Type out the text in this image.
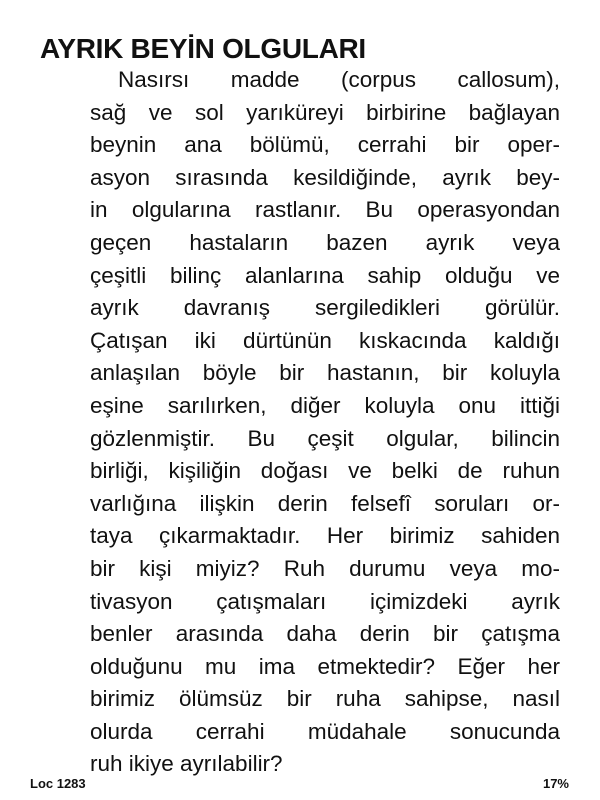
AYRIK BEYİN OLGULARI
Nasırsı madde (corpus callosum),
sağ ve sol yarıküreyi birbirine bağlayan
beynin ana bölümü, cerrahi bir oper-
asyon sırasında kesildiğinde, ayrık bey-
in olgularına rastlanır. Bu operasyondan
geçen hastaların bazen ayrık veya
çeşitli bilinç alanlarına sahip olduğu ve
ayrık davranış sergiledikleri görülür.
Çatışan iki dürtünün kıskacında kaldığı
anlaşılan böyle bir hastanın, bir koluyla
eşine sarılırken, diğer koluyla onu ittiği
gözlenmiştir. Bu çeşit olgular, bilincin
birliği, kişiliğin doğası ve belki de ruhun
varlığına ilişkin derin felsefî soruları or-
taya çıkarmaktadır. Her birimiz sahiden
bir kişi miyiz? Ruh durumu veya mo-
tivasyon çatışmaları içimizdeki ayrık
benler arasında daha derin bir çatışma
olduğunu mu ima etmektedir? Eğer her
birimiz ölümsüz bir ruha sahipse, nasıl
olurda cerrahi müdahale sonucunda
ruh ikiye ayrılabilir?
Loc 1283	17%
